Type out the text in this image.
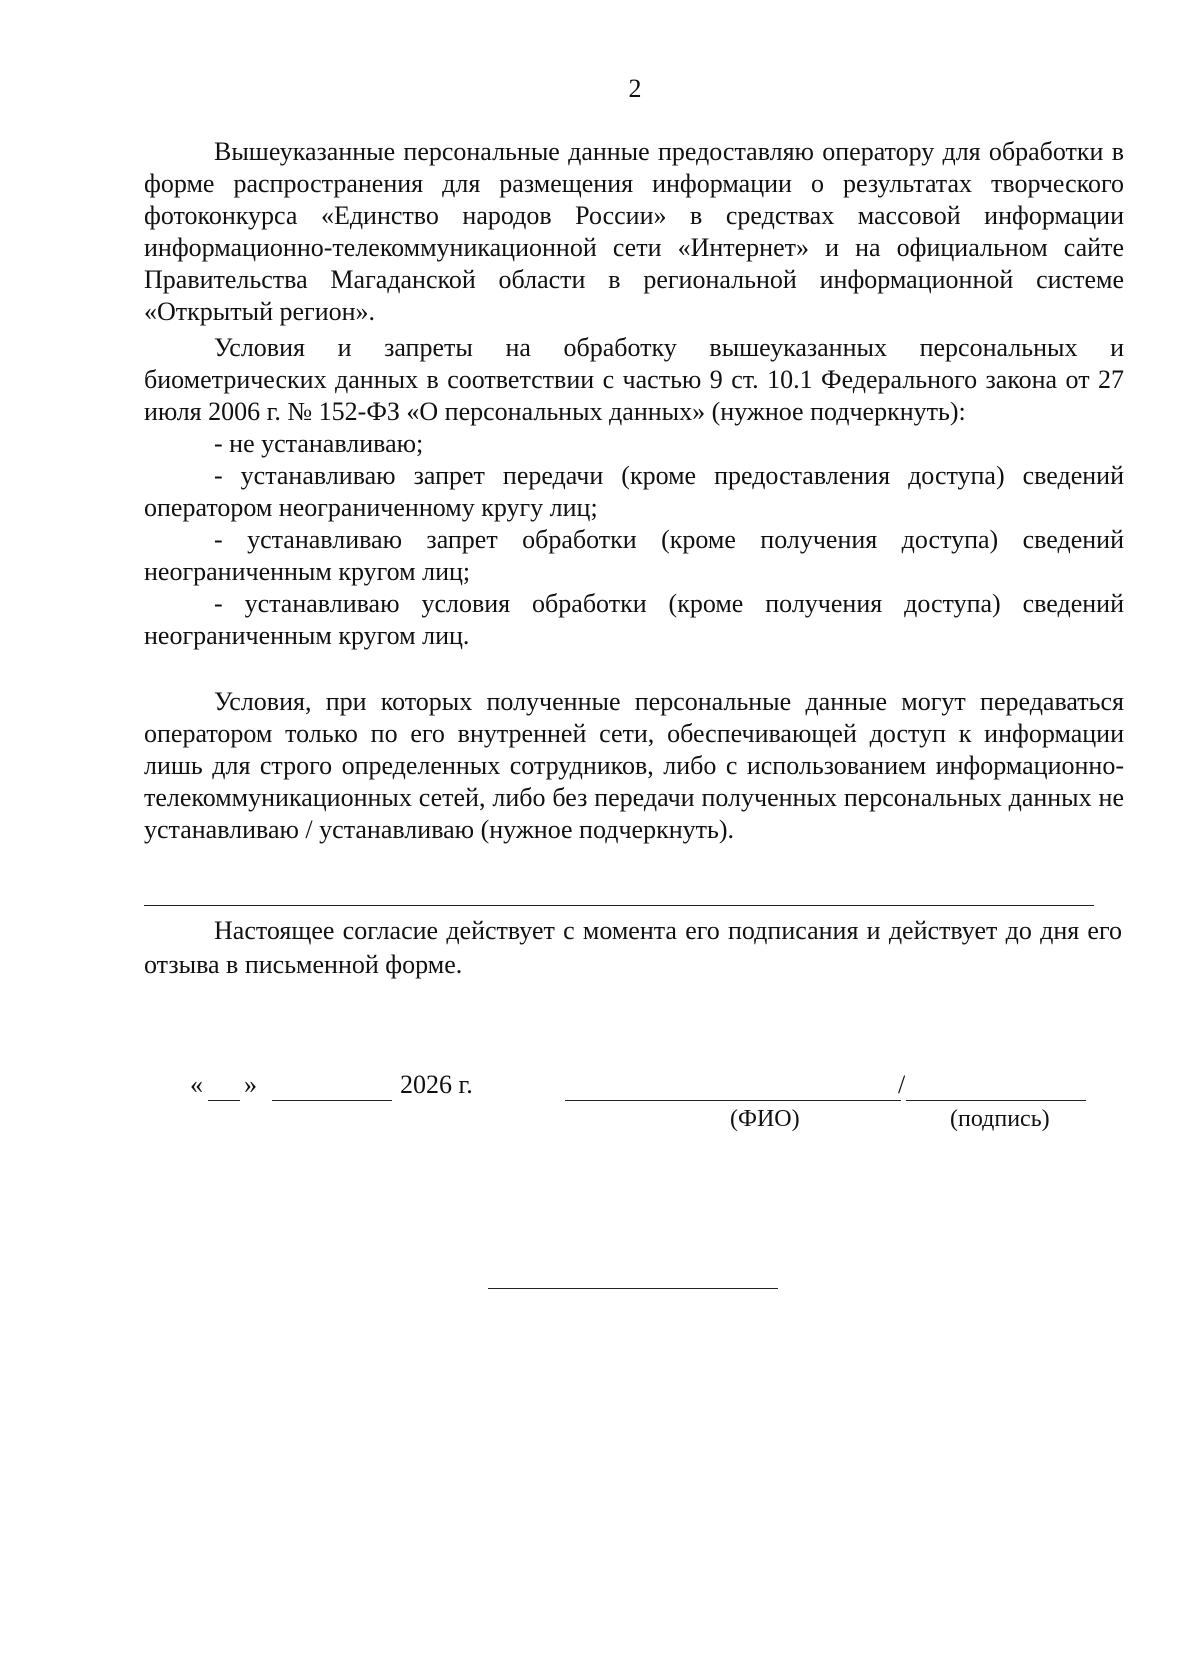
2

Вышеуказанные персональные данные предоставляю оператору для обработки в форме распространения для размещения информации о результатах творческого фотоконкурса «Единство народов России» в средствах массовой информации информационно-телекоммуникационной сети «Интернет» и на официальном сайте Правительства Магаданской области в региональной информационной системе «Открытый регион».

Условия и запреты на обработку вышеуказанных персональных и биометрических данных в соответствии с частью 9 ст. 10.1 Федерального закона от 27 июля 2006 г. № 152-ФЗ «О персональных данных» (нужное подчеркнуть):

- не устанавливаю;

- устанавливаю запрет передачи (кроме предоставления доступа) сведений оператором неограниченному кругу лиц;

- устанавливаю запрет обработки (кроме получения доступа) сведений неограниченным кругом лиц;

- устанавливаю условия обработки (кроме получения доступа) сведений неограниченным кругом лиц.

Условия, при которых полученные персональные данные могут передаваться оператором только по его внутренней сети, обеспечивающей доступ к информации лишь для строго определенных сотрудников, либо с использованием информационно-телекоммуникационных сетей, либо без передачи полученных персональных данных не устанавливаю / устанавливаю (нужное подчеркнуть).

Настоящее согласие действует с момента его подписания и действует до дня его отзыва в письменной форме.

« »	2026 г.	/
(ФИО)	(подпись)
